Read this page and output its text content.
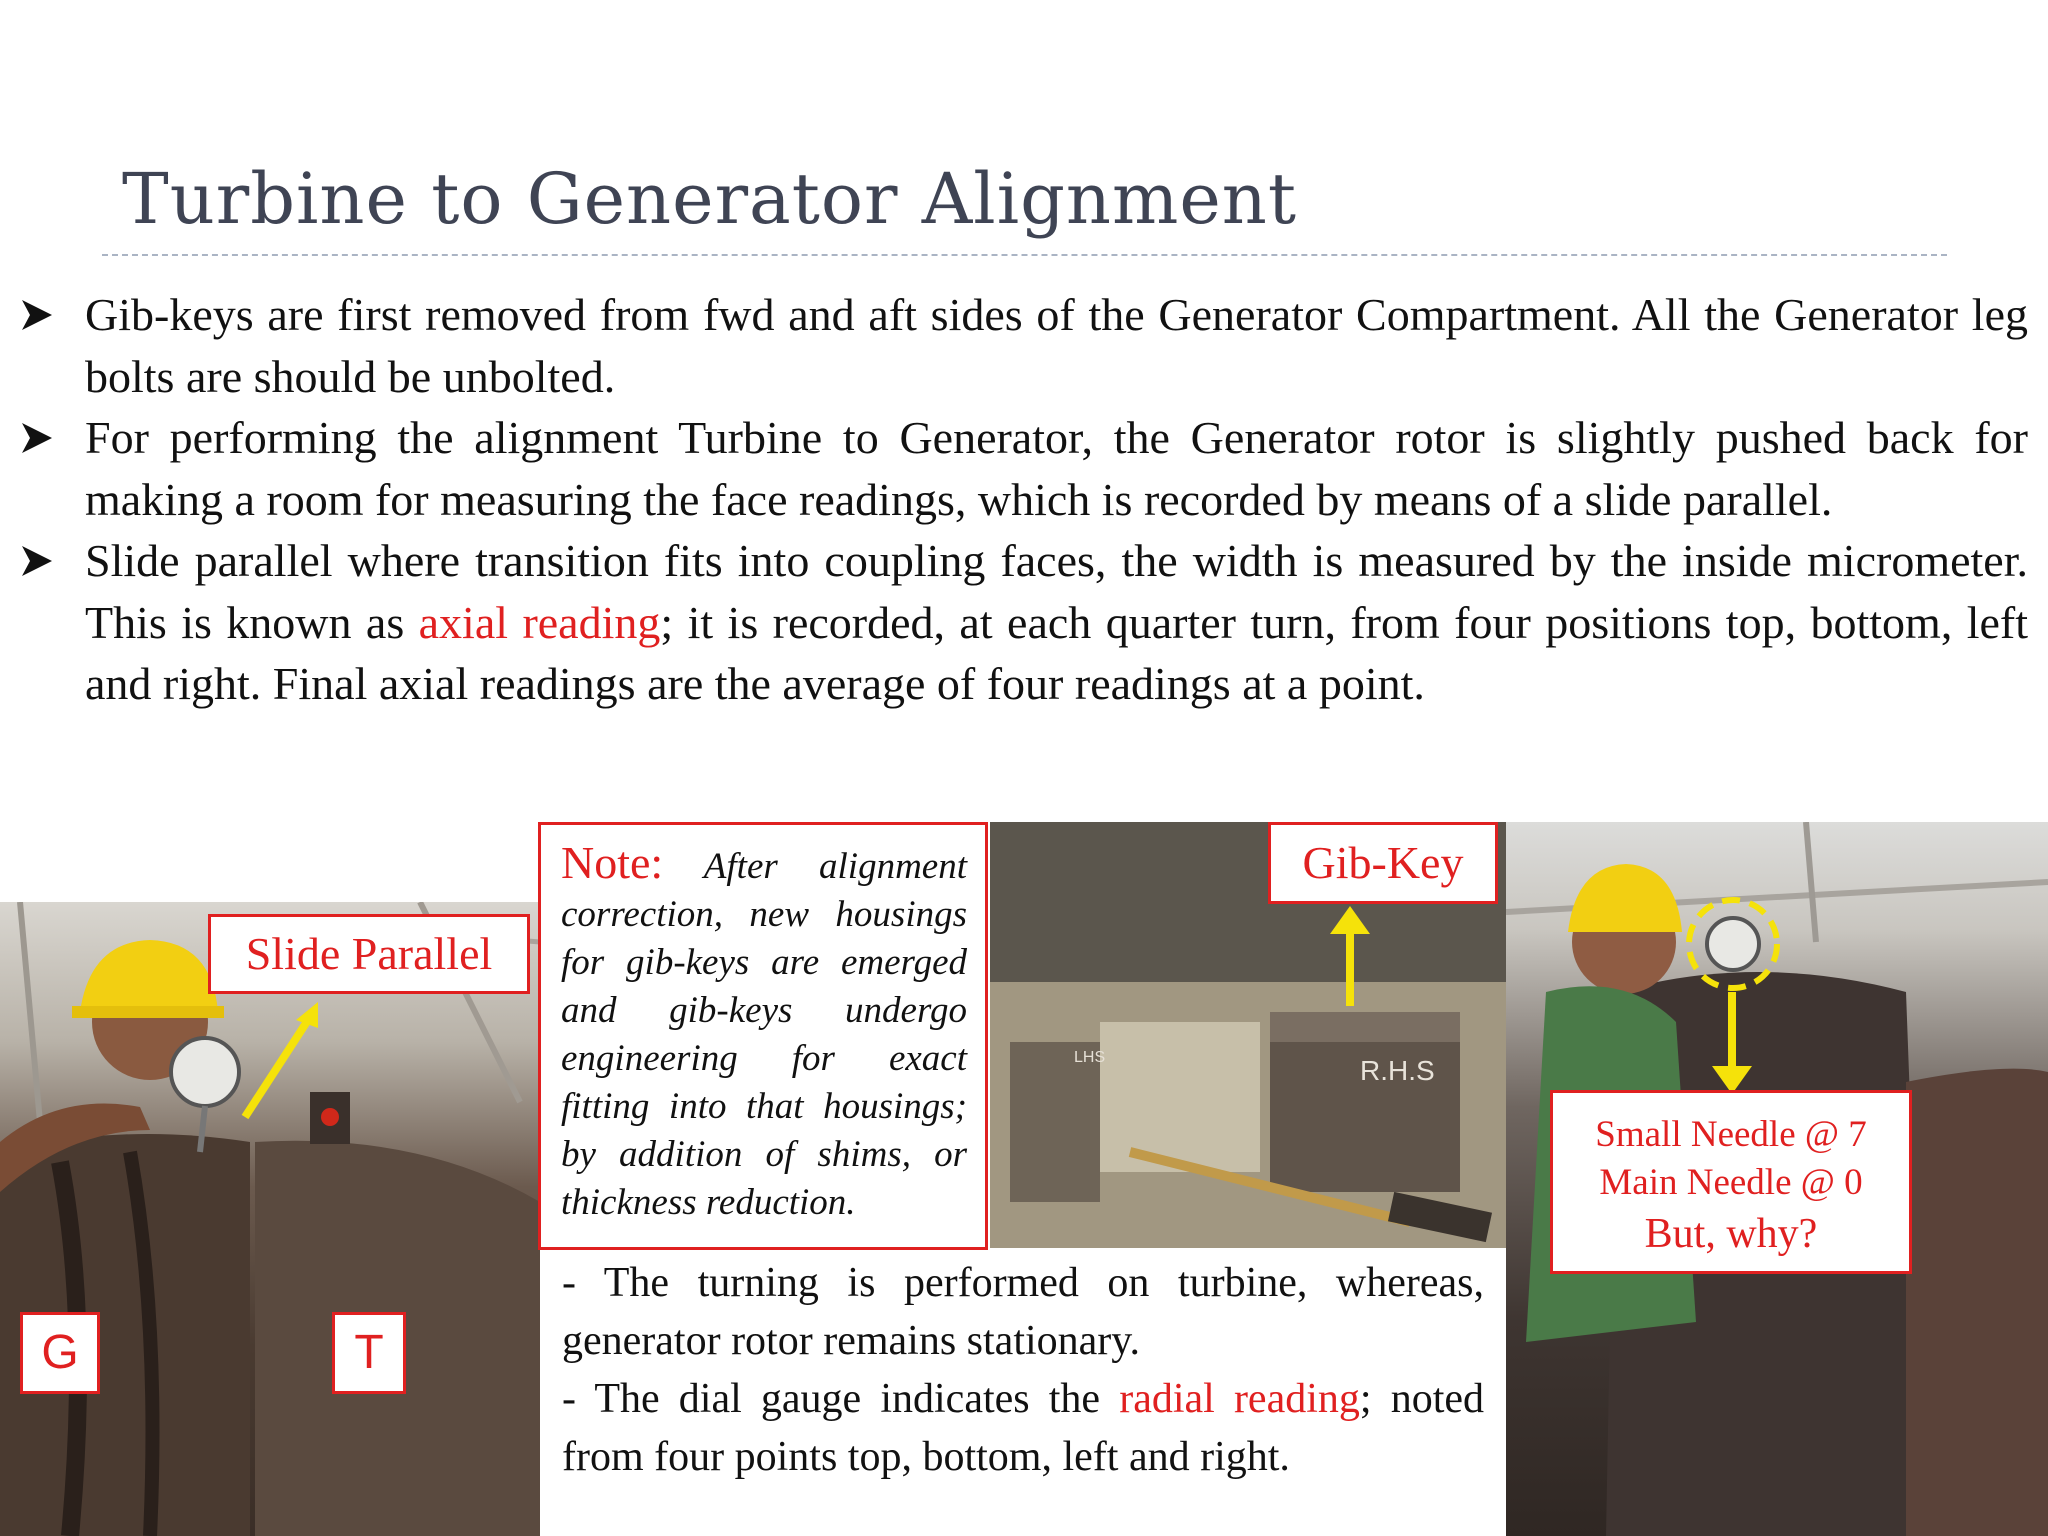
Turbine to Generator Alignment
Gib-keys are first removed from fwd and aft sides of the Generator Compartment. All the Generator leg bolts are should be unbolted.
For performing the alignment Turbine to Generator, the Generator rotor is slightly pushed back for making a room for measuring the face readings, which is recorded by means of a slide parallel.
Slide parallel where transition fits into coupling faces, the width is measured by the inside micrometer. This is known as axial reading; it is recorded, at each quarter turn, from four positions top, bottom, left and right. Final axial readings are the average of four readings at a point.
Slide Parallel
G	T
LHS	R.H.S
Gib-Key
Note: After alignment correction, new housings for gib-keys are emerged and gib-keys undergo engineering for exact fitting into that housings; by addition of shims, or thickness reduction.
- The turning is performed on turbine, whereas, generator rotor remains stationary.
- The dial gauge indicates the radial reading; noted from four points top, bottom, left and right.
Small Needle @ 7
Main Needle @ 0
But, why?
